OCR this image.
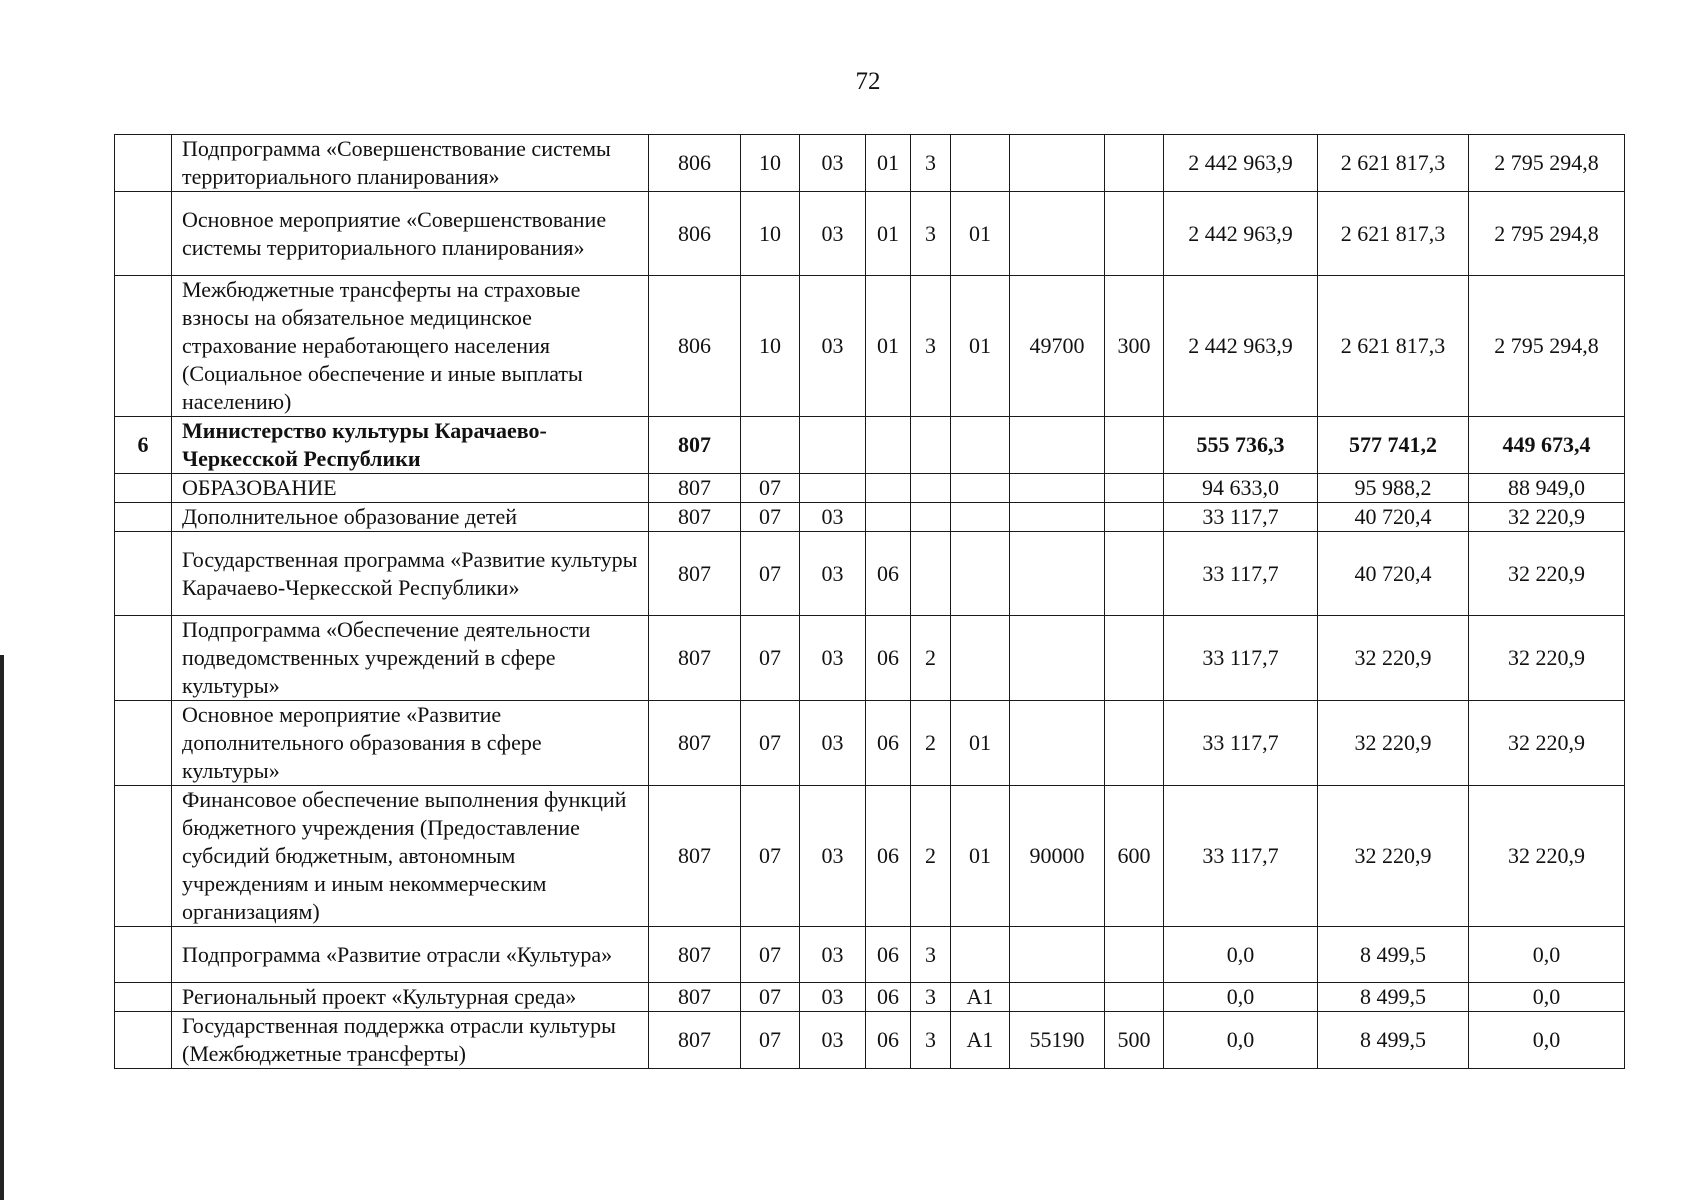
72
	Подпрограмма «Совершенствование системы территориального планирования»	806	10	03	01	3				2 442 963,9	2 621 817,3	2 795 294,8
	Основное мероприятие «Совершенствование системы территориального планирования»	806	10	03	01	3	01			2 442 963,9	2 621 817,3	2 795 294,8
	Межбюджетные трансферты на страховые взносы на обязательное медицинское страхование неработающего населения (Социальное обеспечение и иные выплаты населению)	806	10	03	01	3	01	49700	300	2 442 963,9	2 621 817,3	2 795 294,8
6	Министерство культуры Карачаево-Черкесской Республики	807								555 736,3	577 741,2	449 673,4
	ОБРАЗОВАНИЕ	807	07							94 633,0	95 988,2	88 949,0
	Дополнительное образование детей	807	07	03						33 117,7	40 720,4	32 220,9
	Государственная программа «Развитие культуры Карачаево-Черкесской Республики»	807	07	03	06					33 117,7	40 720,4	32 220,9
	Подпрограмма «Обеспечение деятельности подведомственных учреждений в сфере культуры»	807	07	03	06	2				33 117,7	32 220,9	32 220,9
	Основное мероприятие «Развитие дополнительного образования в сфере культуры»	807	07	03	06	2	01			33 117,7	32 220,9	32 220,9
	Финансовое обеспечение выполнения функций бюджетного учреждения (Предоставление субсидий бюджетным, автономным учреждениям и иным некоммерческим организациям)	807	07	03	06	2	01	90000	600	33 117,7	32 220,9	32 220,9
	Подпрограмма «Развитие отрасли «Культура»	807	07	03	06	3				0,0	8 499,5	0,0
	Региональный проект «Культурная среда»	807	07	03	06	3	А1			0,0	8 499,5	0,0
	Государственная поддержка отрасли культуры (Межбюджетные трансферты)	807	07	03	06	3	А1	55190	500	0,0	8 499,5	0,0
